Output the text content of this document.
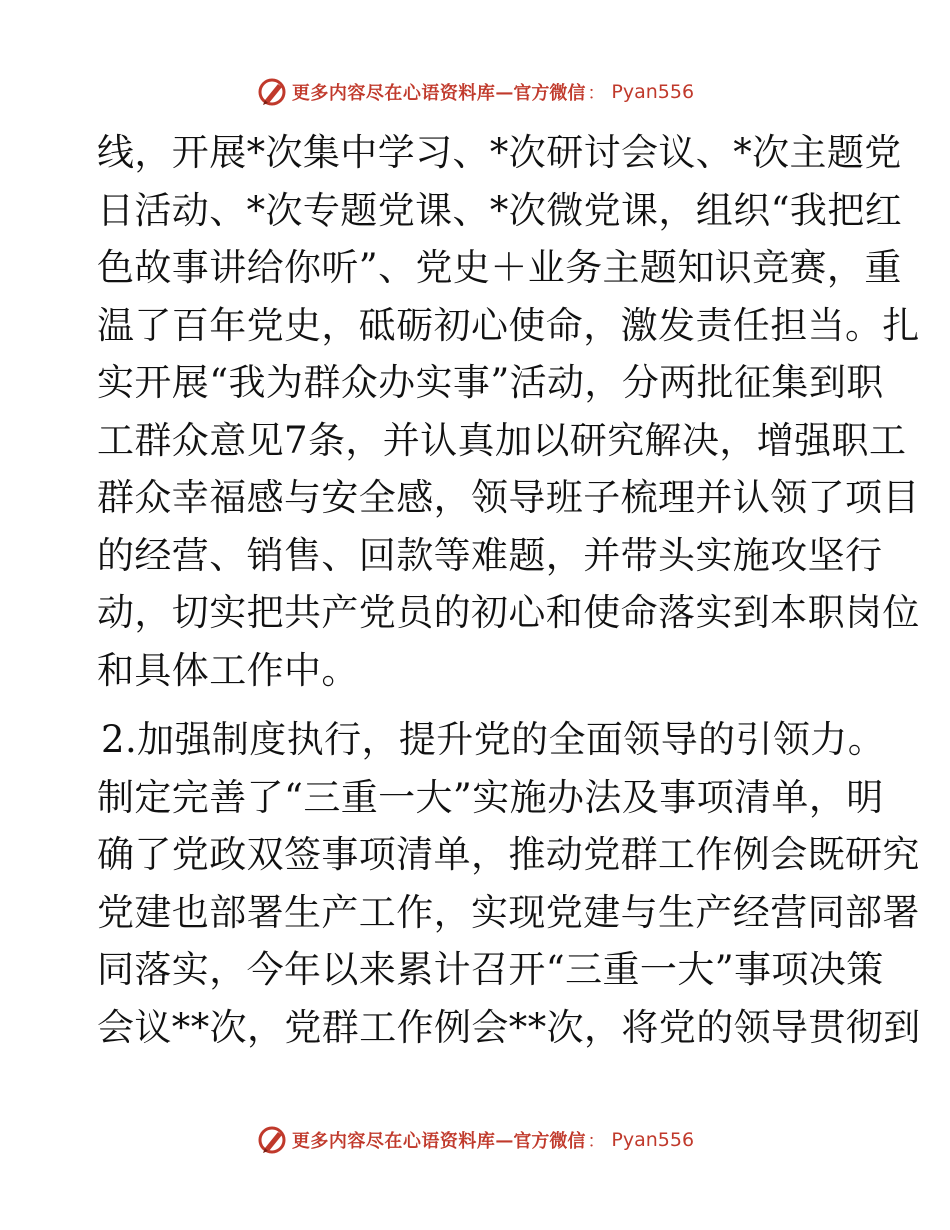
更多内容尽在心语资料库 — 官方微信 ： Pyan556
线，开展*次集中学习、*次研讨会议、*次主题党
日活动、*次专题党课、*次微党课，组织“我把红
色故事讲给你听”、党史＋业务主题知识竞赛，重
温了百年党史，砥砺初心使命，激发责任担当。扎
实开展“我为群众办实事”活动，分两批征集到职
工群众意见7条，并认真加以研究解决，增强职工
群众幸福感与安全感，领导班子梳理并认领了项目
的经营、销售、回款等难题，并带头实施攻坚行
动，切实把共产党员的初心和使命落实到本职岗位
和具体工作中。
2.加强制度执行，提升党的全面领导的引领力。
制定完善了“三重一大”实施办法及事项清单，明
确了党政双签事项清单，推动党群工作例会既研究
党建也部署生产工作，实现党建与生产经营同部署
同落实，今年以来累计召开“三重一大”事项决策
会议**次，党群工作例会**次，将党的领导贯彻到
更多内容尽在心语资料库 — 官方微信 ： Pyan556
